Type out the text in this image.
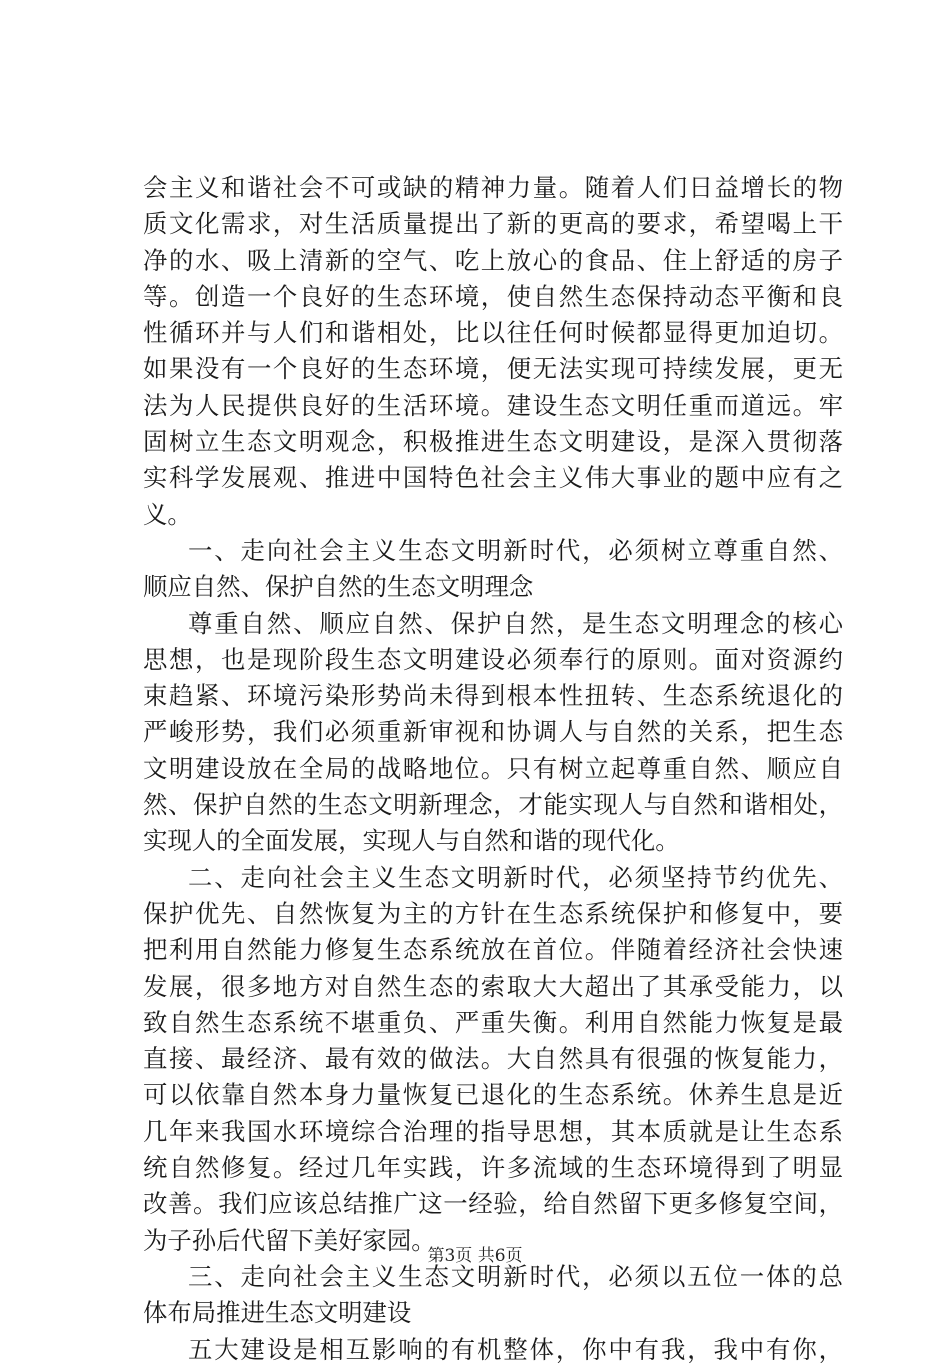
会主义和谐社会不可或缺的精神力量。随着人们日益增长的物
质文化需求，对生活质量提出了新的更高的要求，希望喝上干
净的水、吸上清新的空气、吃上放心的食品、住上舒适的房子
等。创造一个良好的生态环境，使自然生态保持动态平衡和良
性循环并与人们和谐相处，比以往任何时候都显得更加迫切。
如果没有一个良好的生态环境，便无法实现可持续发展，更无
法为人民提供良好的生活环境。建设生态文明任重而道远。牢
固树立生态文明观念，积极推进生态文明建设，是深入贯彻落
实科学发展观、推进中国特色社会主义伟大事业的题中应有之
义。
一、走向社会主义生态文明新时代，必须树立尊重自然、
顺应自然、保护自然的生态文明理念
尊重自然、顺应自然、保护自然，是生态文明理念的核心
思想，也是现阶段生态文明建设必须奉行的原则。面对资源约
束趋紧、环境污染形势尚未得到根本性扭转、生态系统退化的
严峻形势，我们必须重新审视和协调人与自然的关系，把生态
文明建设放在全局的战略地位。只有树立起尊重自然、顺应自
然、保护自然的生态文明新理念，才能实现人与自然和谐相处，
实现人的全面发展，实现人与自然和谐的现代化。
二、走向社会主义生态文明新时代，必须坚持节约优先、
保护优先、自然恢复为主的方针在生态系统保护和修复中，要
把利用自然能力修复生态系统放在首位。伴随着经济社会快速
发展，很多地方对自然生态的索取大大超出了其承受能力，以
致自然生态系统不堪重负、严重失衡。利用自然能力恢复是最
直接、最经济、最有效的做法。大自然具有很强的恢复能力，
可以依靠自然本身力量恢复已退化的生态系统。休养生息是近
几年来我国水环境综合治理的指导思想，其本质就是让生态系
统自然修复。经过几年实践，许多流域的生态环境得到了明显
改善。我们应该总结推广这一经验，给自然留下更多修复空间，
为子孙后代留下美好家园。
三、走向社会主义生态文明新时代，必须以五位一体的总
体布局推进生态文明建设
五大建设是相互影响的有机整体，你中有我，我中有你，
第3页 共6页
